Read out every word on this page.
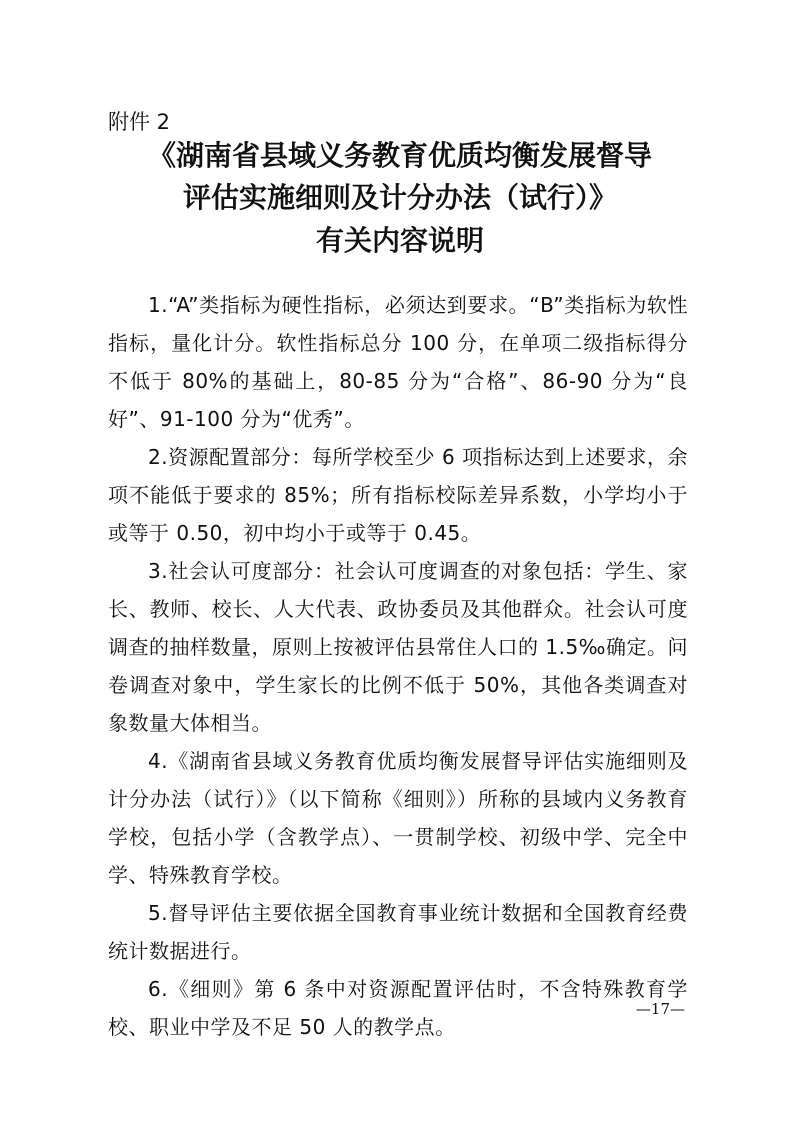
附件 2
《湖南省县域义务教育优质均衡发展督导
评估实施细则及计分办法（试行）》
有关内容说明

1.“A”类指标为硬性指标，必须达到要求。“B”类指标为软性指标，量化计分。软性指标总分 100 分，在单项二级指标得分不低于 80%的基础上，80-85 分为“合格”、86-90 分为“良好”、91-100 分为“优秀”。

2.资源配置部分：每所学校至少 6 项指标达到上述要求，余项不能低于要求的 85%；所有指标校际差异系数，小学均小于或等于 0.50，初中均小于或等于 0.45。

3.社会认可度部分：社会认可度调查的对象包括：学生、家长、教师、校长、人大代表、政协委员及其他群众。社会认可度调查的抽样数量，原则上按被评估县常住人口的 1.5‰确定。问卷调查对象中，学生家长的比例不低于 50%，其他各类调查对象数量大体相当。

4.《湖南省县域义务教育优质均衡发展督导评估实施细则及计分办法（试行）》（以下简称《细则》）所称的县域内义务教育学校，包括小学（含教学点）、一贯制学校、初级中学、完全中学、特殊教育学校。

5.督导评估主要依据全国教育事业统计数据和全国教育经费统计数据进行。

6.《细则》第 6 条中对资源配置评估时，不含特殊教育学校、职业中学及不足 50 人的教学点。

—17—
